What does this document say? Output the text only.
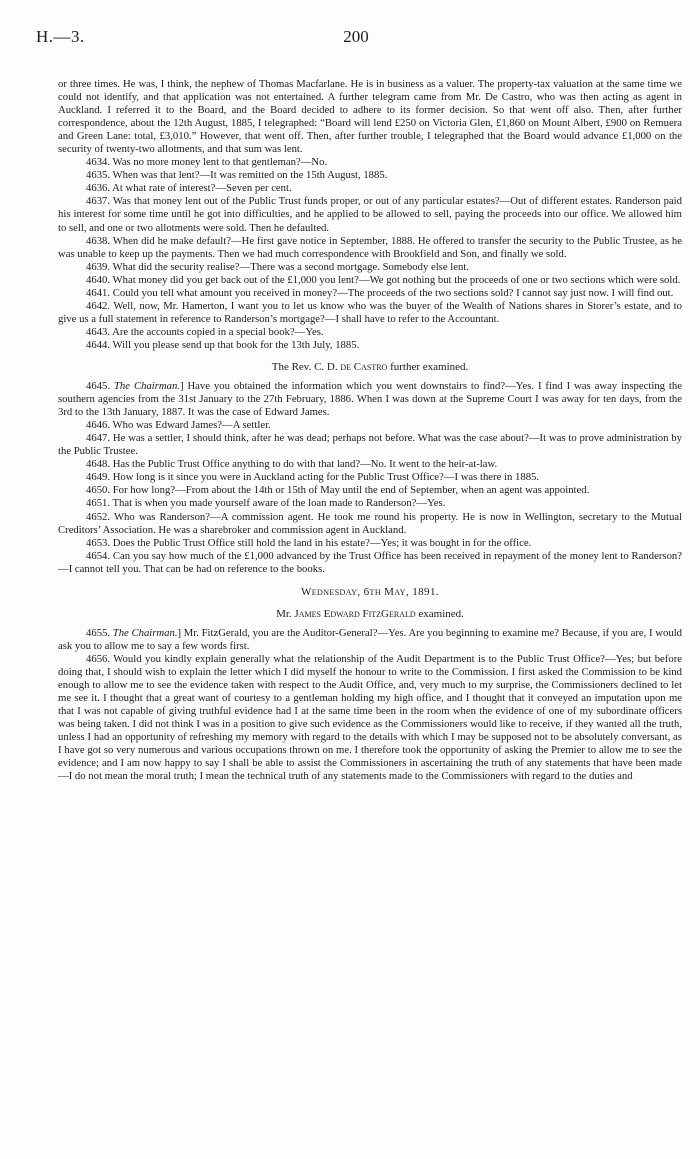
H.—3.	200

or three times. He was, I think, the nephew of Thomas Macfarlane. He is in business as a valuer. The property-tax valuation at the same time we could not identify, and that application was not entertained. A further telegram came from Mr. De Castro, who was then acting as agent in Auckland. I referred it to the Board, and the Board decided to adhere to its former decision. So that went off also. Then, after further correspondence, about the 12th August, 1885, I telegraphed: “Board will lend £250 on Victoria Glen, £1,860 on Mount Albert, £900 on Remuera and Green Lane: total, £3,010.” However, that went off. Then, after further trouble, I telegraphed that the Board would advance £1,000 on the security of twenty-two allotments, and that sum was lent.

4634. Was no more money lent to that gentleman?—No.

4635. When was that lent?—It was remitted on the 15th August, 1885.

4636. At what rate of interest?—Seven per cent.

4637. Was that money lent out of the Public Trust funds proper, or out of any particular estates?—Out of different estates. Randerson paid his interest for some time until he got into difficulties, and he applied to be allowed to sell, paying the proceeds into our office. We allowed him to sell, and one or two allotments were sold. Then he defaulted.

4638. When did he make default?—He first gave notice in September, 1888. He offered to transfer the security to the Public Trustee, as he was unable to keep up the payments. Then we had much correspondence with Brookfield and Son, and finally we sold.

4639. What did the security realise?—There was a second mortgage. Somebody else lent.

4640. What money did you get back out of the £1,000 you lent?—We got nothing but the proceeds of one or two sections which were sold.

4641. Could you tell what amount you received in money?—The proceeds of the two sections sold? I cannot say just now. I will find out.

4642. Well, now, Mr. Hamerton, I want you to let us know who was the buyer of the Wealth of Nations shares in Storer’s estate, and to give us a full statement in reference to Randerson’s mortgage?—I shall have to refer to the Accountant.

4643. Are the accounts copied in a special book?—Yes.

4644. Will you please send up that book for the 13th July, 1885.

The Rev. C. D. de Castro further examined.

4645. The Chairman.] Have you obtained the information which you went downstairs to find?—Yes. I find I was away inspecting the southern agencies from the 31st January to the 27th February, 1886. When I was down at the Supreme Court I was away for ten days, from the 3rd to the 13th January, 1887. It was the case of Edward James.

4646. Who was Edward James?—A settler.

4647. He was a settler, I should think, after he was dead; perhaps not before. What was the case about?—It was to prove administration by the Public Trustee.

4648. Has the Public Trust Office anything to do with that land?—No. It went to the heir-at-law.

4649. How long is it since you were in Auckland acting for the Public Trust Office?—I was there in 1885.

4650. For how long?—From about the 14th or 15th of May until the end of September, when an agent was appointed.

4651. That is when you made yourself aware of the loan made to Randerson?—Yes.

4652. Who was Randerson?—A commission agent. He took me round his property. He is now in Wellington, secretary to the Mutual Creditors’ Association. He was a sharebroker and commission agent in Auckland.

4653. Does the Public Trust Office still hold the land in his estate?—Yes; it was bought in for the office.

4654. Can you say how much of the £1,000 advanced by the Trust Office has been received in repayment of the money lent to Randerson?—I cannot tell you. That can be had on reference to the books.

Wednesday, 6th May, 1891.
Mr. James Edward FitzGerald examined.

4655. The Chairman.] Mr. FitzGerald, you are the Auditor-General?—Yes. Are you beginning to examine me? Because, if you are, I would ask you to allow me to say a few words first.

4656. Would you kindly explain generally what the relationship of the Audit Department is to the Public Trust Office?—Yes; but before doing that, I should wish to explain the letter which I did myself the honour to write to the Commission. I first asked the Commission to be kind enough to allow me to see the evidence taken with respect to the Audit Office, and, very much to my surprise, the Commissioners declined to let me see it. I thought that a great want of courtesy to a gentleman holding my high office, and I thought that it conveyed an imputation upon me that I was not capable of giving truthful evidence had I at the same time been in the room when the evidence of one of my subordinate officers was being taken. I did not think I was in a position to give such evidence as the Commissioners would like to receive, if they wanted all the truth, unless I had an opportunity of refreshing my memory with regard to the details with which I may be supposed not to be absolutely conversant, as I have got so very numerous and various occupations thrown on me. I therefore took the opportunity of asking the Premier to allow me to see the evidence; and I am now happy to say I shall be able to assist the Commissioners in ascertaining the truth of any statements that have been made—I do not mean the moral truth; I mean the technical truth of any statements made to the Commissioners with regard to the duties and
